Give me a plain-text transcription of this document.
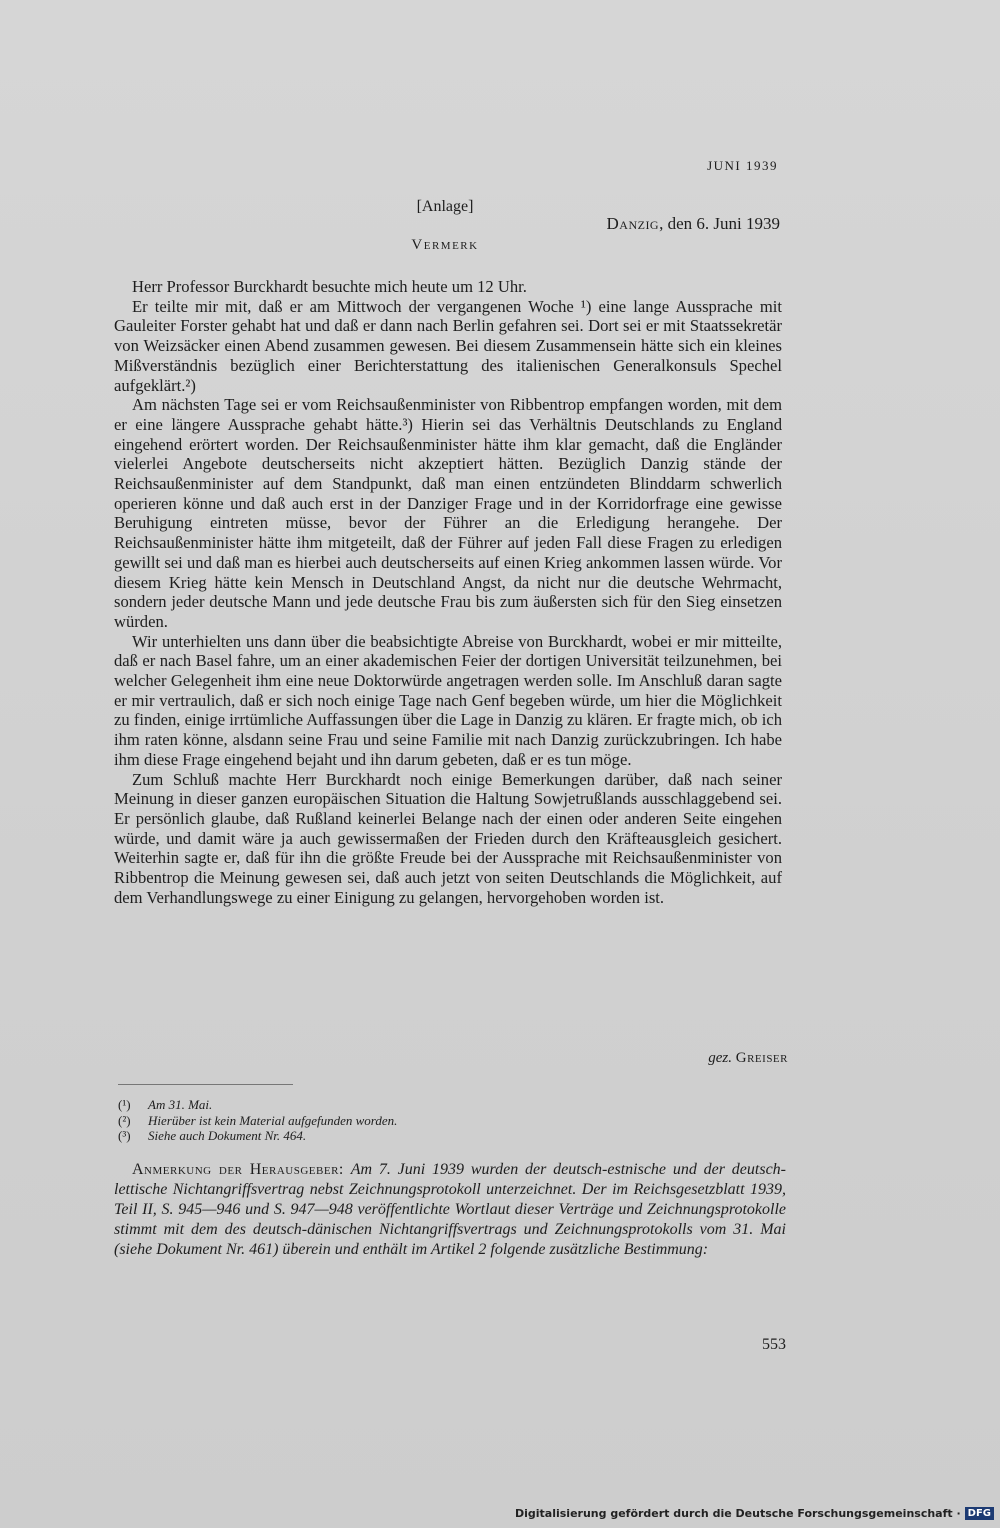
JUNI 1939
[Anlage]
Danzig, den 6. Juni 1939
Vermerk

Herr Professor Burckhardt besuchte mich heute um 12 Uhr.

Er teilte mir mit, daß er am Mittwoch der vergangenen Woche ¹) eine lange Aussprache mit Gauleiter Forster gehabt hat und daß er dann nach Berlin gefahren sei. Dort sei er mit Staatssekretär von Weizsäcker einen Abend zusammen gewesen. Bei diesem Zusammensein hätte sich ein kleines Mißverständnis bezüglich einer Berichterstattung des italienischen Generalkonsuls Spechel aufgeklärt.²)

Am nächsten Tage sei er vom Reichsaußenminister von Ribbentrop empfangen worden, mit dem er eine längere Aussprache gehabt hätte.³) Hierin sei das Verhältnis Deutschlands zu England eingehend erörtert worden. Der Reichsaußenminister hätte ihm klar gemacht, daß die Engländer vielerlei Angebote deutscherseits nicht akzeptiert hätten. Bezüglich Danzig stände der Reichsaußenminister auf dem Standpunkt, daß man einen entzündeten Blinddarm schwerlich operieren könne und daß auch erst in der Danziger Frage und in der Korridorfrage eine gewisse Beruhigung eintreten müsse, bevor der Führer an die Erledigung herangehe. Der Reichsaußenminister hätte ihm mitgeteilt, daß der Führer auf jeden Fall diese Fragen zu erledigen gewillt sei und daß man es hierbei auch deutscherseits auf einen Krieg ankommen lassen würde. Vor diesem Krieg hätte kein Mensch in Deutschland Angst, da nicht nur die deutsche Wehrmacht, sondern jeder deutsche Mann und jede deutsche Frau bis zum äußersten sich für den Sieg einsetzen würden.

Wir unterhielten uns dann über die beabsichtigte Abreise von Burckhardt, wobei er mir mitteilte, daß er nach Basel fahre, um an einer akademischen Feier der dortigen Universität teilzunehmen, bei welcher Gelegenheit ihm eine neue Doktorwürde angetragen werden solle. Im Anschluß daran sagte er mir vertraulich, daß er sich noch einige Tage nach Genf begeben würde, um hier die Möglichkeit zu finden, einige irrtümliche Auffassungen über die Lage in Danzig zu klären. Er fragte mich, ob ich ihm raten könne, alsdann seine Frau und seine Familie mit nach Danzig zurückzubringen. Ich habe ihm diese Frage eingehend bejaht und ihn darum gebeten, daß er es tun möge.

Zum Schluß machte Herr Burckhardt noch einige Bemerkungen darüber, daß nach seiner Meinung in dieser ganzen europäischen Situation die Haltung Sowjetrußlands ausschlaggebend sei. Er persönlich glaube, daß Rußland keinerlei Belange nach der einen oder anderen Seite eingehen würde, und damit wäre ja auch gewissermaßen der Frieden durch den Kräfteausgleich gesichert. Weiterhin sagte er, daß für ihn die größte Freude bei der Aussprache mit Reichsaußenminister von Ribbentrop die Meinung gewesen sei, daß auch jetzt von seiten Deutschlands die Möglichkeit, auf dem Verhandlungswege zu einer Einigung zu gelangen, hervorgehoben worden ist.

gez. Greiser
(¹)	Am 31. Mai.
(²)	Hierüber ist kein Material aufgefunden worden.
(³)	Siehe auch Dokument Nr. 464.

Anmerkung der Herausgeber: Am 7. Juni 1939 wurden der deutsch-estnische und der deutsch-lettische Nichtangriffsvertrag nebst Zeichnungsprotokoll unterzeichnet. Der im Reichsgesetzblatt 1939, Teil II, S. 945—946 und S. 947—948 veröffentlichte Wortlaut dieser Verträge und Zeichnungsprotokolle stimmt mit dem des deutsch-dänischen Nichtangriffsvertrags und Zeichnungsprotokolls vom 31. Mai (siehe Dokument Nr. 461) überein und enthält im Artikel 2 folgende zusätzliche Bestimmung:

553
Digitalisierung gefördert durch die Deutsche Forschungsgemeinschaft · DFG
